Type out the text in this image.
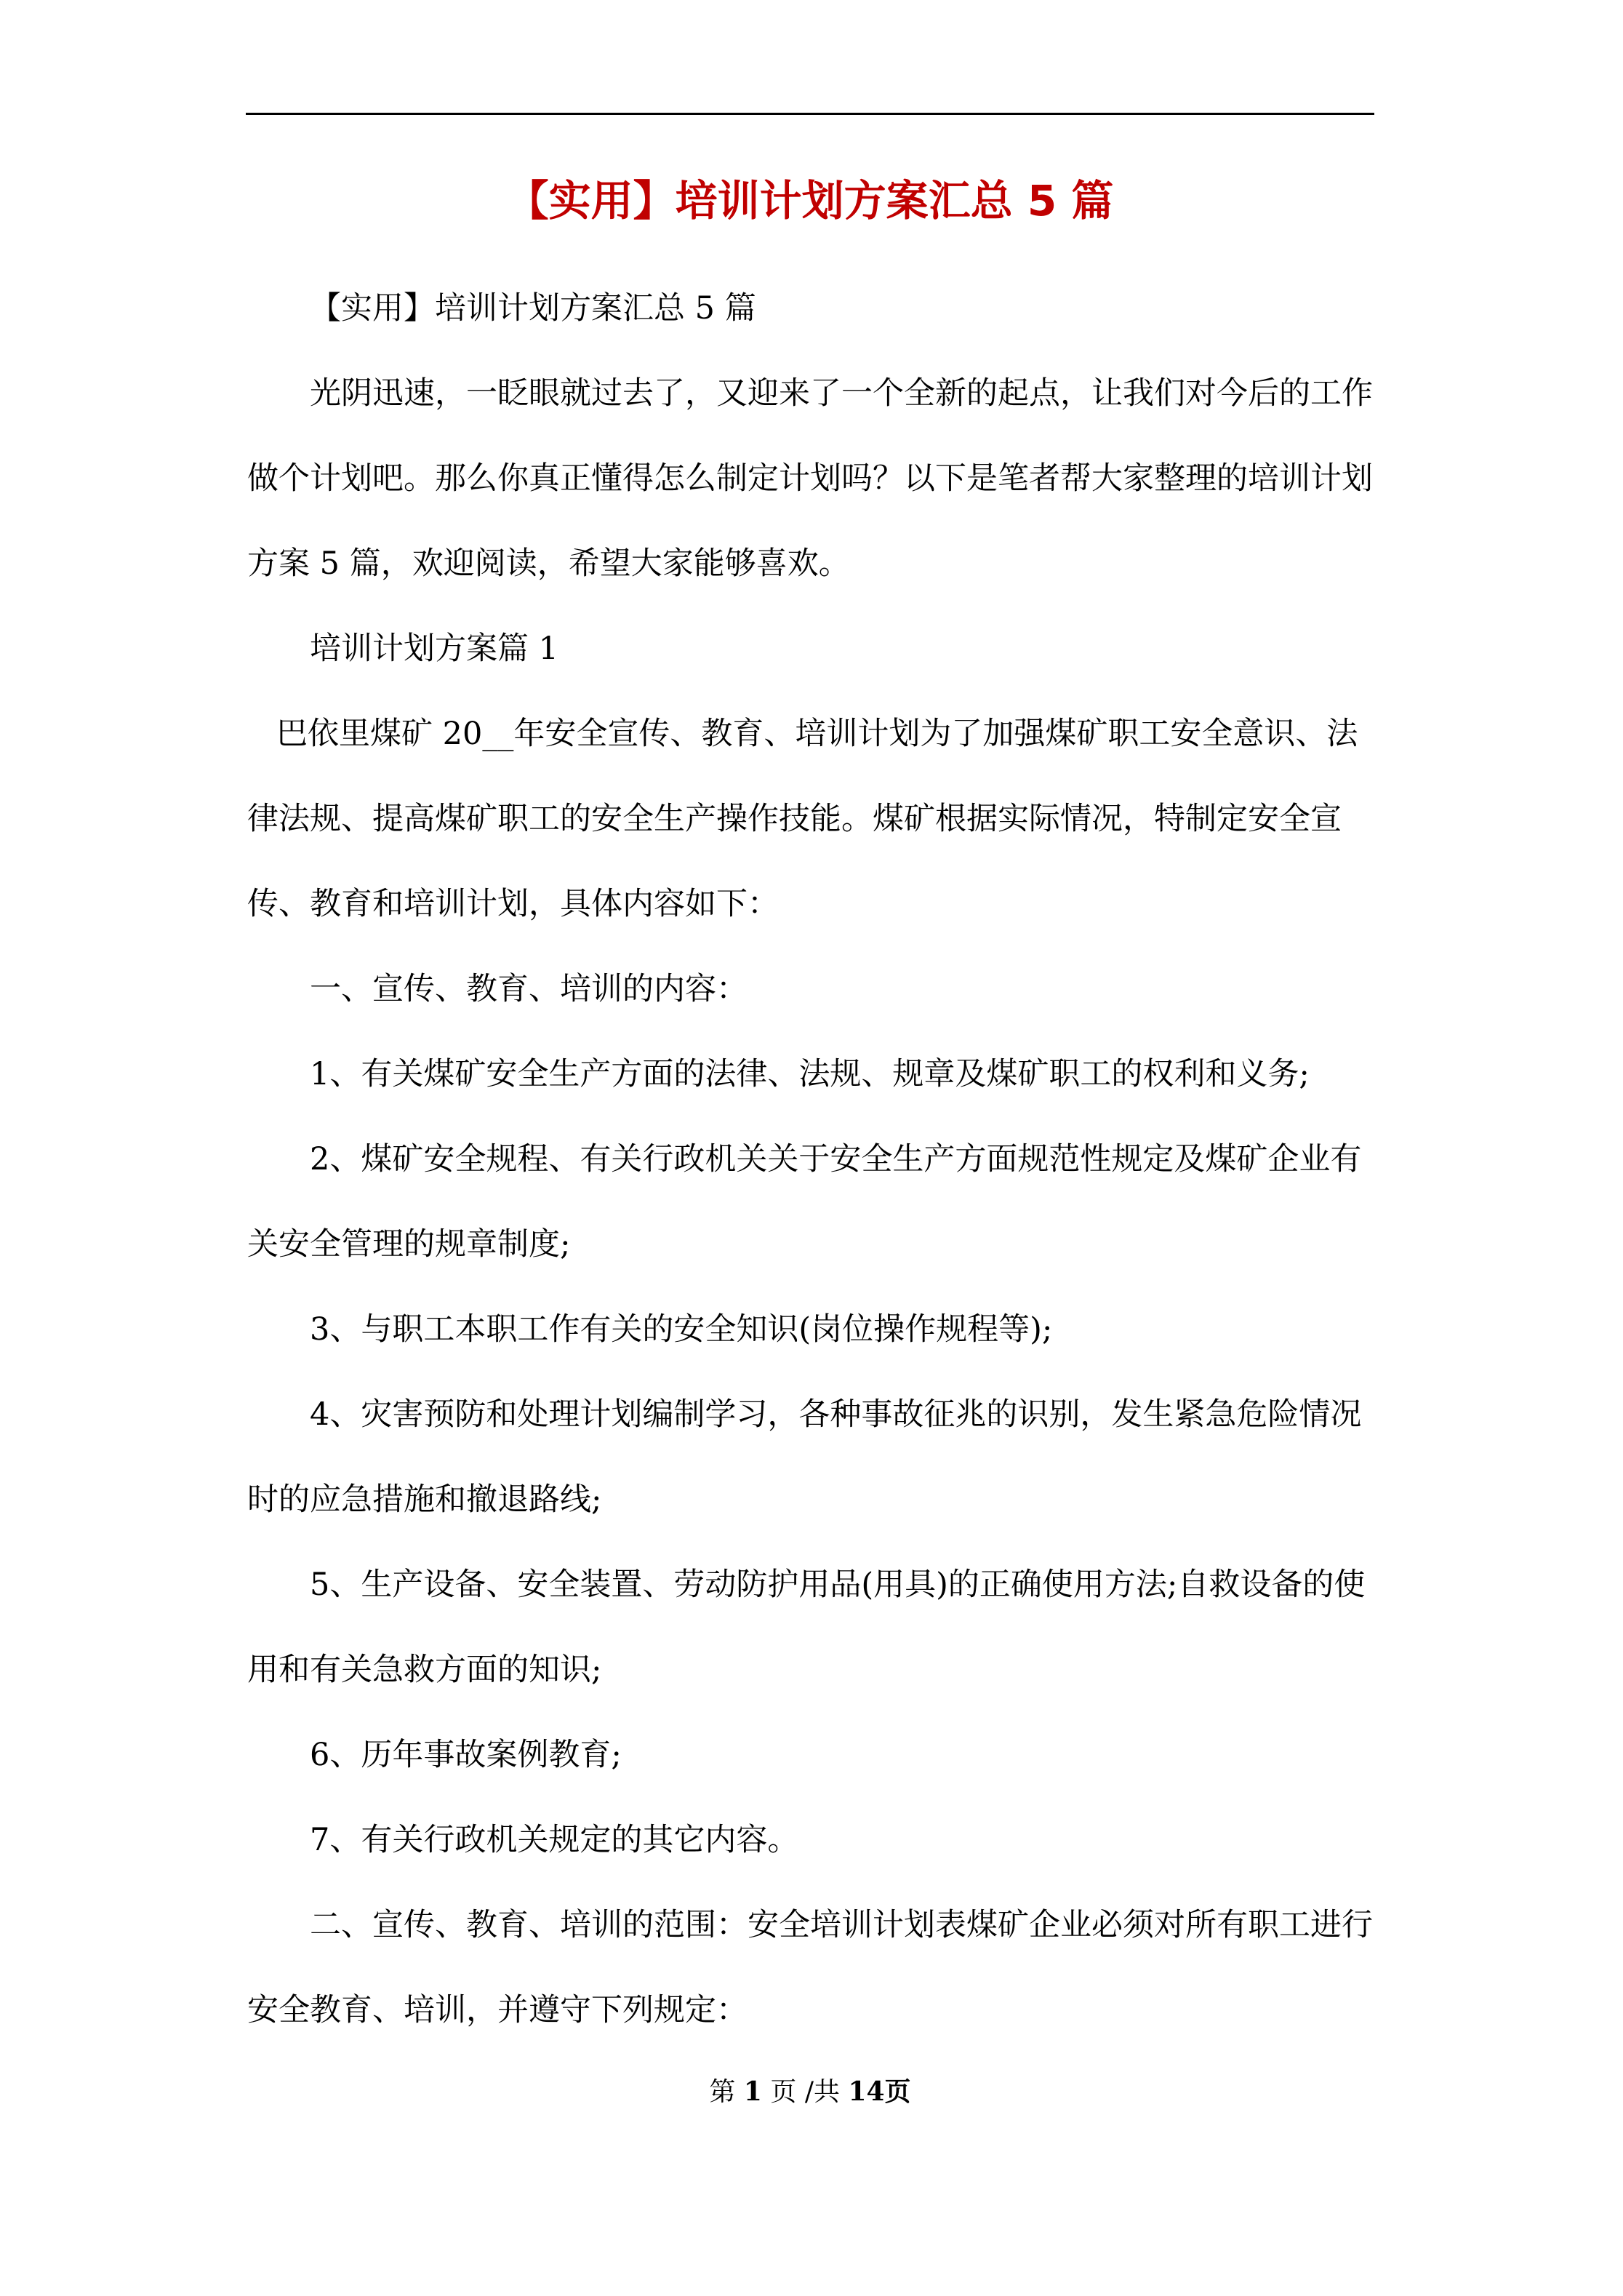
【实用】培训计划方案汇总 5 篇

【实用】培训计划方案汇总 5 篇

光阴迅速，一眨眼就过去了，又迎来了一个全新的起点，让我们对今后的工作做个计划吧。那么你真正懂得怎么制定计划吗？以下是笔者帮大家整理的培训计划方案 5 篇，欢迎阅读，希望大家能够喜欢。

培训计划方案篇 1

巴依里煤矿 20__年安全宣传、教育、培训计划为了加强煤矿职工安全意识、法律法规、提高煤矿职工的安全生产操作技能。煤矿根据实际情况，特制定安全宣传、教育和培训计划，具体内容如下：

一、宣传、教育、培训的内容：

1、有关煤矿安全生产方面的法律、法规、规章及煤矿职工的权利和义务;

2、煤矿安全规程、有关行政机关关于安全生产方面规范性规定及煤矿企业有关安全管理的规章制度;

3、与职工本职工作有关的安全知识(岗位操作规程等);

4、灾害预防和处理计划编制学习，各种事故征兆的识别，发生紧急危险情况时的应急措施和撤退路线;

5、生产设备、安全装置、劳动防护用品(用具)的正确使用方法;自救设备的使用和有关急救方面的知识;

6、历年事故案例教育;

7、有关行政机关规定的其它内容。

二、宣传、教育、培训的范围：安全培训计划表煤矿企业必须对所有职工进行安全教育、培训，并遵守下列规定：

第 1 页 /共 14页
